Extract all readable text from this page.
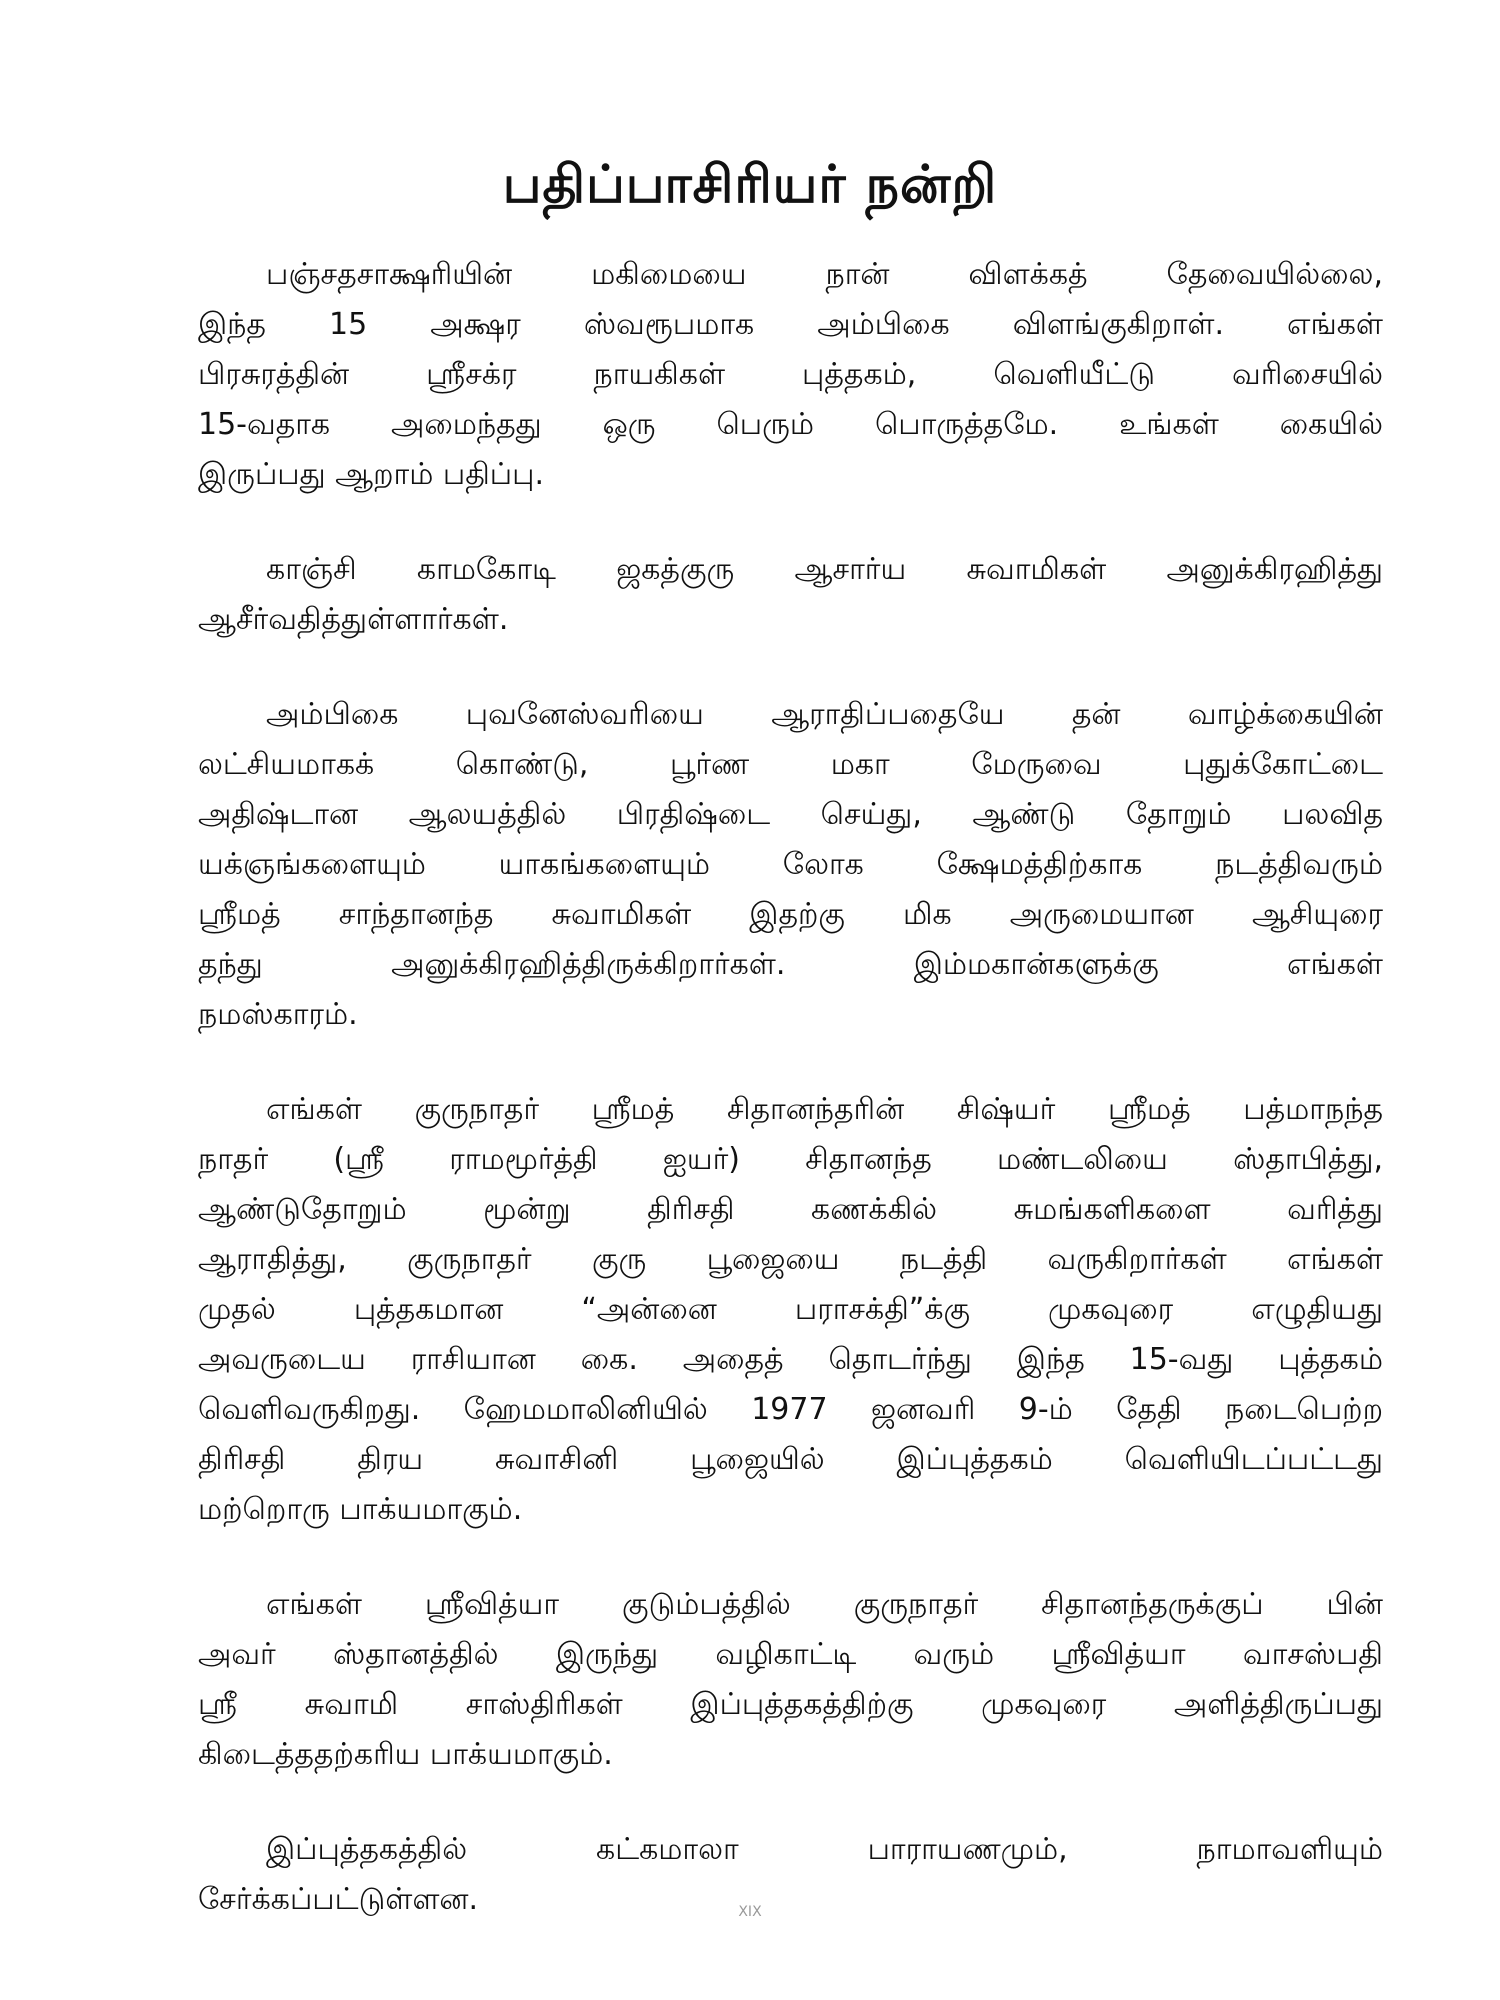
பதிப்பாசிரியர் நன்றி

பஞ்சதசாக்ஷரியின் மகிமையை நான் விளக்கத் தேவையில்லை,
இந்த 15 அக்ஷர ஸ்வரூபமாக அம்பிகை விளங்குகிறாள். எங்கள்
பிரசுரத்தின் ஸ்ரீசக்ர நாயகிகள் புத்தகம், வெளியீட்டு வரிசையில்
15-வதாக அமைந்தது ஒரு பெரும் பொருத்தமே. உங்கள் கையில்
இருப்பது ஆறாம் பதிப்பு.

காஞ்சி காமகோடி ஜகத்குரு ஆசார்ய சுவாமிகள் அனுக்கிரஹித்து
ஆசீர்வதித்துள்ளார்கள்.

அம்பிகை புவனேஸ்வரியை ஆராதிப்பதையே தன் வாழ்க்கையின்
லட்சியமாகக் கொண்டு, பூர்ண மகா மேருவை புதுக்கோட்டை
அதிஷ்டான ஆலயத்தில் பிரதிஷ்டை செய்து, ஆண்டு தோறும் பலவித
யக்ஞங்களையும் யாகங்களையும் லோக க்ஷேமத்திற்காக நடத்திவரும்
ஸ்ரீமத் சாந்தானந்த சுவாமிகள் இதற்கு மிக அருமையான ஆசியுரை
தந்து அனுக்கிரஹித்திருக்கிறார்கள். இம்மகான்களுக்கு எங்கள்
நமஸ்காரம்.

எங்கள் குருநாதர் ஸ்ரீமத் சிதானந்தரின் சிஷ்யர் ஸ்ரீமத் பத்மாநந்த
நாதர் (ஸ்ரீ ராமமூர்த்தி ஐயர்) சிதானந்த மண்டலியை ஸ்தாபித்து,
ஆண்டுதோறும் மூன்று திரிசதி கணக்கில் சுமங்களிகளை வரித்து
ஆராதித்து, குருநாதர் குரு பூஜையை நடத்தி வருகிறார்கள் எங்கள்
முதல் புத்தகமான “அன்னை பராசக்தி”க்கு முகவுரை எழுதியது
அவருடைய ராசியான கை. அதைத் தொடர்ந்து இந்த 15-வது புத்தகம்
வெளிவருகிறது. ஹேமமாலினியில் 1977 ஜனவரி 9-ம் தேதி நடைபெற்ற
திரிசதி திரய சுவாசினி பூஜையில் இப்புத்தகம் வெளியிடப்பட்டது
மற்றொரு பாக்யமாகும்.

எங்கள் ஸ்ரீவித்யா குடும்பத்தில் குருநாதர் சிதானந்தருக்குப் பின்
அவர் ஸ்தானத்தில் இருந்து வழிகாட்டி வரும் ஸ்ரீவித்யா வாசஸ்பதி
ஸ்ரீ சுவாமி சாஸ்திரிகள் இப்புத்தகத்திற்கு முகவுரை அளித்திருப்பது
கிடைத்ததற்கரிய பாக்யமாகும்.

இப்புத்தகத்தில் கட்கமாலா பாராயணமும், நாமாவளியும்
சேர்க்கப்பட்டுள்ளன.	XIX
